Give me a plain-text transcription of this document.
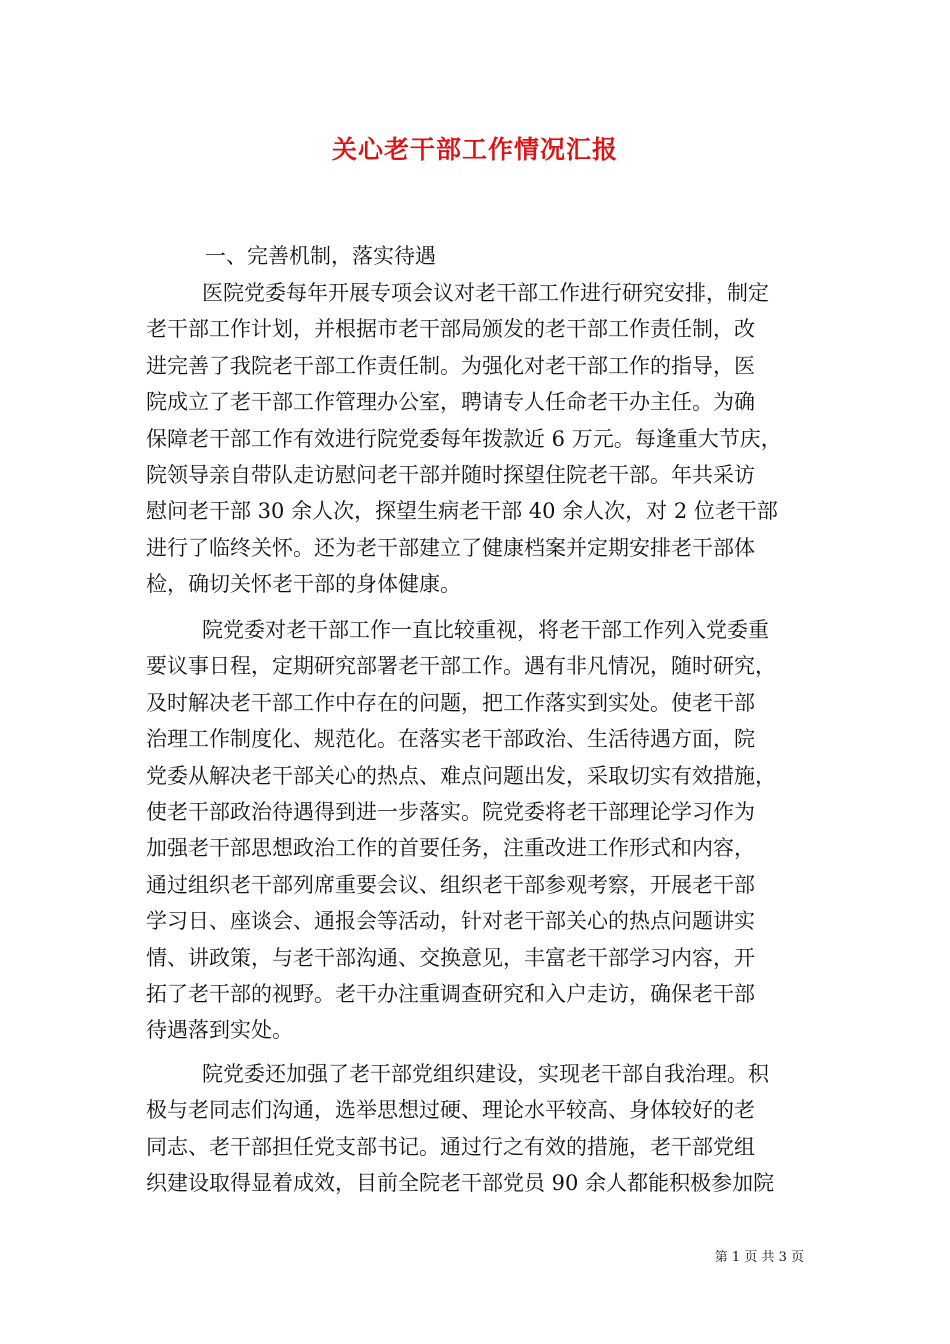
关心老干部工作情况汇报
一、完善机制，落实待遇
医院党委每年开展专项会议对老干部工作进行研究安排，制定
老干部工作计划，并根据市老干部局颁发的老干部工作责任制，改
进完善了我院老干部工作责任制。为强化对老干部工作的指导，医
院成立了老干部工作管理办公室，聘请专人任命老干办主任。为确
保障老干部工作有效进行院党委每年拨款近 6 万元。每逢重大节庆，
院领导亲自带队走访慰问老干部并随时探望住院老干部。年共采访
慰问老干部 30 余人次，探望生病老干部 40 余人次，对 2 位老干部
进行了临终关怀。还为老干部建立了健康档案并定期安排老干部体
检，确切关怀老干部的身体健康。
院党委对老干部工作一直比较重视，将老干部工作列入党委重
要议事日程，定期研究部署老干部工作。遇有非凡情况，随时研究，
及时解决老干部工作中存在的问题，把工作落实到实处。使老干部
治理工作制度化、规范化。在落实老干部政治、生活待遇方面，院
党委从解决老干部关心的热点、难点问题出发，采取切实有效措施，
使老干部政治待遇得到进一步落实。院党委将老干部理论学习作为
加强老干部思想政治工作的首要任务，注重改进工作形式和内容，
通过组织老干部列席重要会议、组织老干部参观考察，开展老干部
学习日、座谈会、通报会等活动，针对老干部关心的热点问题讲实
情、讲政策，与老干部沟通、交换意见，丰富老干部学习内容，开
拓了老干部的视野。老干办注重调查研究和入户走访，确保老干部
待遇落到实处。
院党委还加强了老干部党组织建设，实现老干部自我治理。积
极与老同志们沟通，选举思想过硬、理论水平较高、身体较好的老
同志、老干部担任党支部书记。通过行之有效的措施，老干部党组
织建设取得显着成效，目前全院老干部党员 90 余人都能积极参加院
第 1 页 共 3 页
